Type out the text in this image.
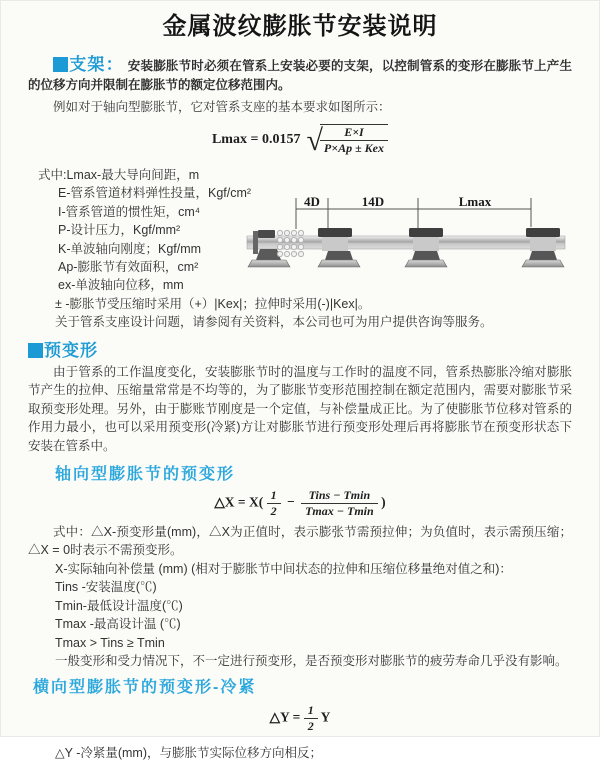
金属波纹膨胀节安装说明

支架： 安装膨胀节时必须在管系上安装必要的支架，以控制管系的变形在膨胀节上产生的位移方向并限制在膨胀节的额定位移范围内。

例如对于轴向型膨胀节，它对管系支座的基本要求如图所示：

Lmax = 0.0157 √
$\frac{E\times I}{\text{P×Ap ± Kex}}$
式中:Lmax-最大导向间距，m
E-管系管道材料弹性投量，Kgf/cm²
I-管系管道的惯性矩，cm⁴
P-设计压力，Kgf/mm²
K-单波轴向刚度；Kgf/mm
Ap-膨胀节有效面积，cm²
ex-单波轴向位移，mm
± -膨胀节受压缩时采用（+）|Kex|；拉伸时采用(-)|Kex|。
关于管系支座设计问题，请参阅有关资料，本公司也可为用户提供咨询等服务。
4D	14D	Lmax
预变形

由于管系的工作温度变化，安装膨胀节时的温度与工作时的温度不同，管系热膨胀冷缩对膨胀节产生的拉伸、压缩量常常是不均等的，为了膨胀节变形范围控制在额定范围内，需要对膨胀节采取预变形处理。另外，由于膨账节刚度是一个定值，与补偿量成正比。为了使膨胀节位移对管系的作用力最小，也可以采用预变形(冷紧)方让对膨胀节进行预变形处理后再将膨胀节在预变形状态下安装在管系中。

轴向型膨胀节的预变形
△X = $X( \frac{1}{2} - \frac{\text{Tins − Tmin}}{Tmax - Tmin}$ )

式中：△X-预变形量(mm)，△X为正值时，表示膨张节需预拉伸；为负值时，表示需预压缩；△X = 0时表示不需预变形。

X-实际轴向补偿量 (mm) (相对于膨胀节中间状态的拉伸和压缩位移量绝对值之和)：
Tins -安装温度(℃)
Tmin-最低设计温度(℃)
Tmax -最高设计温 (℃)
Tmax > Tins ≥ Tmin
一般变形和受力情况下，不一定进行预变形，是否预变形对膨胀节的疲劳寿命几乎没有影响。
横向型膨胀节的预变形-冷紧
△Y = $\frac{1}{2}$ Y
△Y -冷紧量(mm)，与膨胀节实际位移方向相反；
